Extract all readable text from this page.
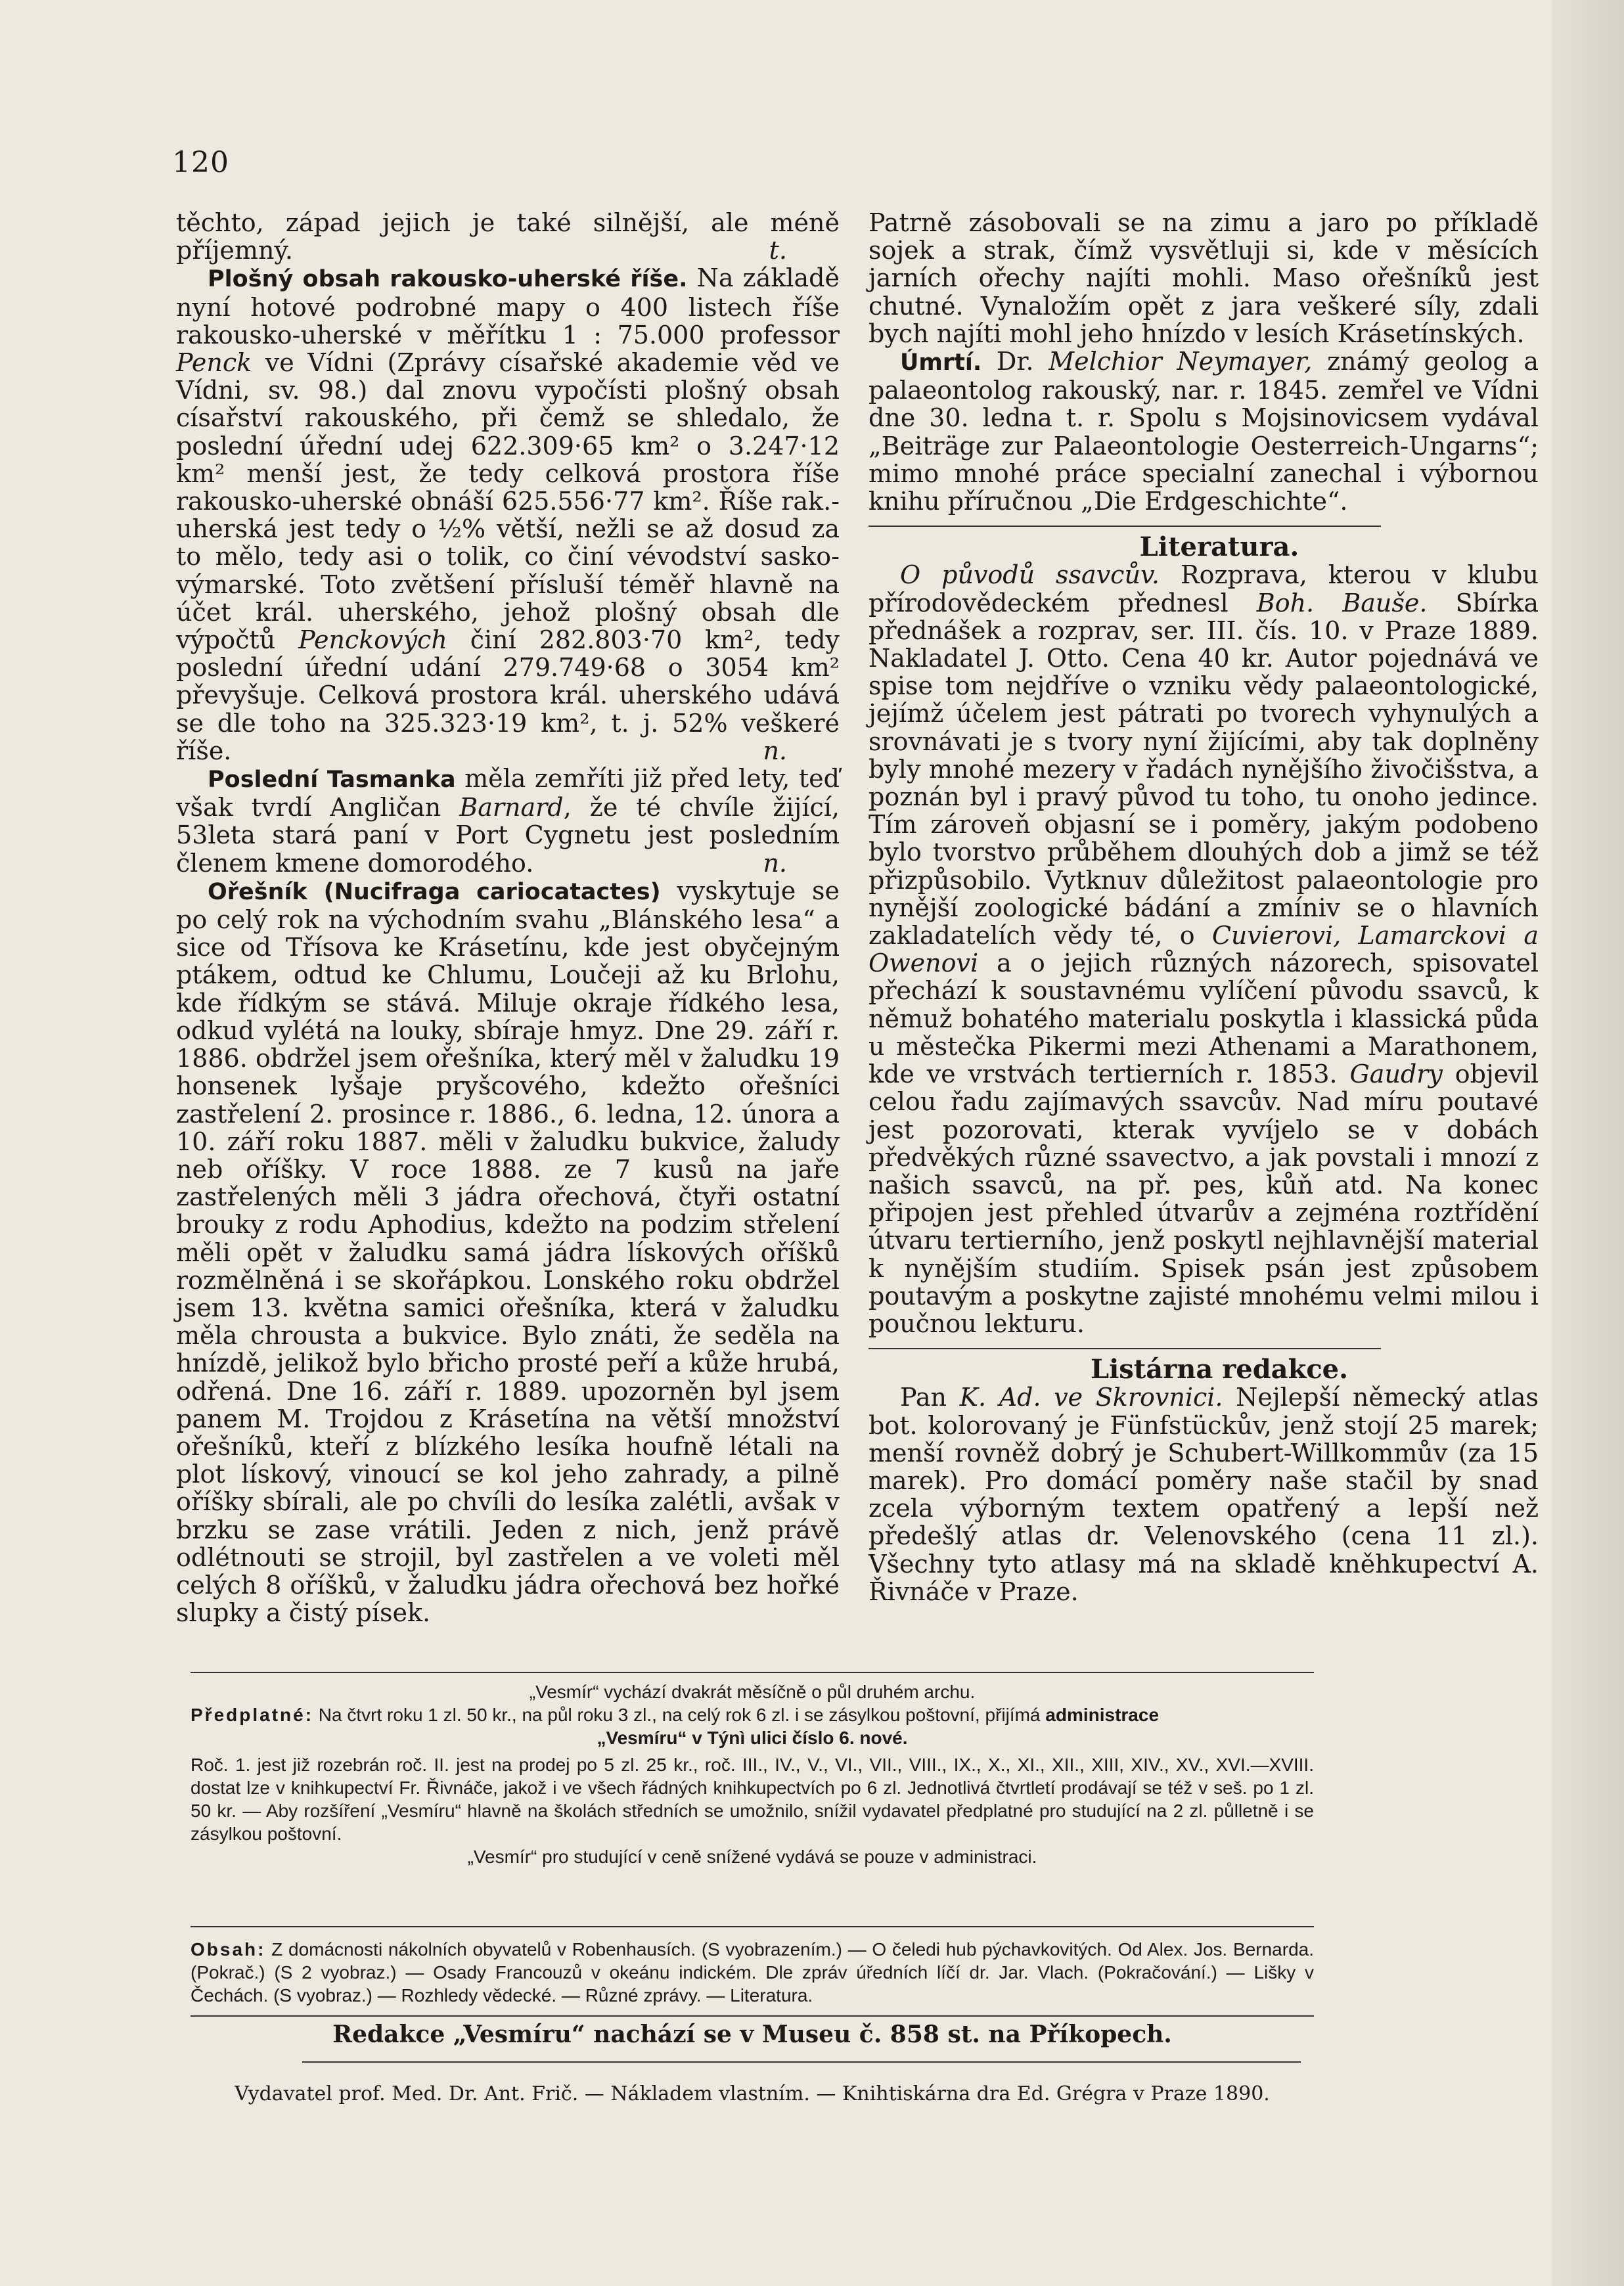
120

těchto, západ jejich je také silnější, ale méně příjemný.	t.

Plošný obsah rakousko-uherské říše. Na základě nyní hotové podrobné mapy o 400 listech říše rakousko-uherské v měřítku 1 : 75.000 professor Penck ve Vídni (Zprávy císařské akademie věd ve Vídni, sv. 98.) dal znovu vypočísti plošný obsah císařství rakouského, při čemž se shledalo, že poslední úřední udej 622.309·65 km² o 3.247·12 km² menší jest, že tedy celková prostora říše rakousko-uherské obnáší 625.556·77 km². Říše rak.-uherská jest tedy o ½% větší, nežli se až dosud za to mělo, tedy asi o tolik, co činí vévodství sasko-výmarské. Toto zvětšení přísluší téměř hlavně na účet král. uherského, jehož plošný obsah dle výpočtů Penckových činí 282.803·70 km², tedy poslední úřední udání 279.749·68 o 3054 km² převyšuje. Celková prostora král. uherského udává se dle toho na 325.323·19 km², t. j. 52% veškeré říše.	n.

Poslední Tasmanka měla zemříti již před lety, teď však tvrdí Angličan Barnard, že té chvíle žijící, 53leta stará paní v Port Cygnetu jest posledním členem kmene domorodého.	n.

Ořešník (Nucifraga cariocatactes) vyskytuje se po celý rok na východním svahu „Blánského lesa“ a sice od Třísova ke Krásetínu, kde jest obyčejným ptákem, odtud ke Chlumu, Loučeji až ku Brlohu, kde řídkým se stává. Miluje okraje řídkého lesa, odkud vylétá na louky, sbíraje hmyz. Dne 29. září r. 1886. obdržel jsem ořešníka, který měl v žaludku 19 honsenek lyšaje pryšcového, kdežto ořešníci zastřelení 2. prosince r. 1886., 6. ledna, 12. února a 10. září roku 1887. měli v žaludku bukvice, žaludy neb oříšky. V roce 1888. ze 7 kusů na jaře zastřelených měli 3 jádra ořechová, čtyři ostatní brouky z rodu Aphodius, kdežto na podzim střelení měli opět v žaludku samá jádra lískových oříšků rozmělněná i se skořápkou. Lonského roku obdržel jsem 13. května samici ořešníka, která v žaludku měla chrousta a bukvice. Bylo znáti, že seděla na hnízdě, jelikož bylo břicho prosté peří a kůže hrubá, odřená. Dne 16. září r. 1889. upozorněn byl jsem panem M. Trojdou z Krásetína na větší množství ořešníků, kteří z blízkého lesíka houfně létali na plot lískový, vinoucí se kol jeho zahrady, a pilně oříšky sbírali, ale po chvíli do lesíka zalétli, avšak v brzku se zase vrátili. Jeden z nich, jenž právě odlétnouti se strojil, byl zastřelen a ve voleti měl celých 8 oříšků, v žaludku jádra ořechová bez hořké slupky a čistý písek.

Patrně zásobovali se na zimu a jaro po příkladě sojek a strak, čímž vysvětluji si, kde v měsících jarních ořechy najíti mohli. Maso ořešníků jest chutné. Vynaložím opět z jara veškeré síly, zdali bych najíti mohl jeho hnízdo v lesích Krásetínských.

Úmrtí. Dr. Melchior Neymayer, známý geolog a palaeontolog rakouský, nar. r. 1845. zemřel ve Vídni dne 30. ledna t. r. Spolu s Mojsinovicsem vydával „Beiträge zur Palaeontologie Oesterreich-Ungarns“; mimo mnohé práce specialní zanechal i výbornou knihu příručnou „Die Erdgeschichte“.

Literatura.

O původů ssavcův. Rozprava, kterou v klubu přírodovědeckém přednesl Boh. Bauše. Sbírka přednášek a rozprav, ser. III. čís. 10. v Praze 1889. Nakladatel J. Otto. Cena 40 kr. Autor pojednává ve spise tom nejdříve o vzniku vědy palaeontologické, jejímž účelem jest pátrati po tvorech vyhynulých a srovnávati je s tvory nyní žijícími, aby tak doplněny byly mnohé mezery v řadách nynějšího živočišstva, a poznán byl i pravý původ tu toho, tu onoho jedince. Tím zároveň objasní se i poměry, jakým podobeno bylo tvorstvo průběhem dlouhých dob a jimž se též přizpůsobilo. Vytknuv důležitost palaeontologie pro nynější zoologické bádání a zmíniv se o hlavních zakladatelích vědy té, o Cuvierovi, Lamarckovi a Owenovi a o jejich různých názorech, spisovatel přechází k soustavnému vylíčení původu ssavců, k němuž bohatého materialu poskytla i klassická půda u městečka Pikermi mezi Athenami a Marathonem, kde ve vrstvách tertierních r. 1853. Gaudry objevil celou řadu zajímavých ssavcův. Nad míru poutavé jest pozorovati, kterak vyvíjelo se v dobách předvěkých různé ssavectvo, a jak povstali i mnozí z našich ssavců, na př. pes, kůň atd. Na konec připojen jest přehled útvarův a zejména roztřídění útvaru tertierního, jenž poskytl nejhlavnější material k nynějším studiím. Spisek psán jest způsobem poutavým a poskytne zajisté mnohému velmi milou i poučnou lekturu.

Listárna redakce.

Pan K. Ad. ve Skrovnici. Nejlepší německý atlas bot. kolorovaný je Fünfstückův, jenž stojí 25 marek; menší rovněž dobrý je Schubert-Willkommův (za 15 marek). Pro domácí poměry naše stačil by snad zcela výborným textem opatřený a lepší než předešlý atlas dr. Velenovského (cena 11 zl.). Všechny tyto atlasy má na skladě kněhkupectví A. Řivnáče v Praze.

„Vesmír“ vychází dvakrát měsíčně o půl druhém archu.
Předplatné: Na čtvrt roku 1 zl. 50 kr., na půl roku 3 zl., na celý rok 6 zl. i se zásylkou poštovní, přijímá administrace
„Vesmíru“ v Týnì ulici číslo 6. nové.
Roč. 1. jest již rozebrán roč. II. jest na prodej po 5 zl. 25 kr., roč. III., IV., V., VI., VII., VIII., IX., X., XI., XII., XIII, XIV., XV., XVI.—XVIII. dostat lze v knihkupectví Fr. Řivnáče, jakož i ve všech řádných knihkupectvích po 6 zl. Jednotlivá čtvrtletí prodávají se též v seš. po 1 zl. 50 kr. — Aby rozšíření „Vesmíru“ hlavně na školách středních se umožnilo, snížil vydavatel předplatné pro studující na 2 zl. půlletně i se zásylkou poštovní.
„Vesmír“ pro studující v ceně snížené vydává se pouze v administraci.
Obsah: Z domácnosti nákolních obyvatelů v Robenhausích. (S vyobrazením.) — O čeledi hub pýchavkovitých. Od Alex. Jos. Bernarda. (Pokrač.) (S 2 vyobraz.) — Osady Francouzů v okeánu indickém. Dle zpráv úředních líčí dr. Jar. Vlach. (Pokračování.) — Lišky v Čechách. (S vyobraz.) — Rozhledy vědecké. — Různé zprávy. — Literatura.
Redakce „Vesmíru“ nachází se v Museu č. 858 st. na Příkopech.
Vydavatel prof. Med. Dr. Ant. Frič. — Nákladem vlastním. — Knihtiskárna dra Ed. Grégra v Praze 1890.
